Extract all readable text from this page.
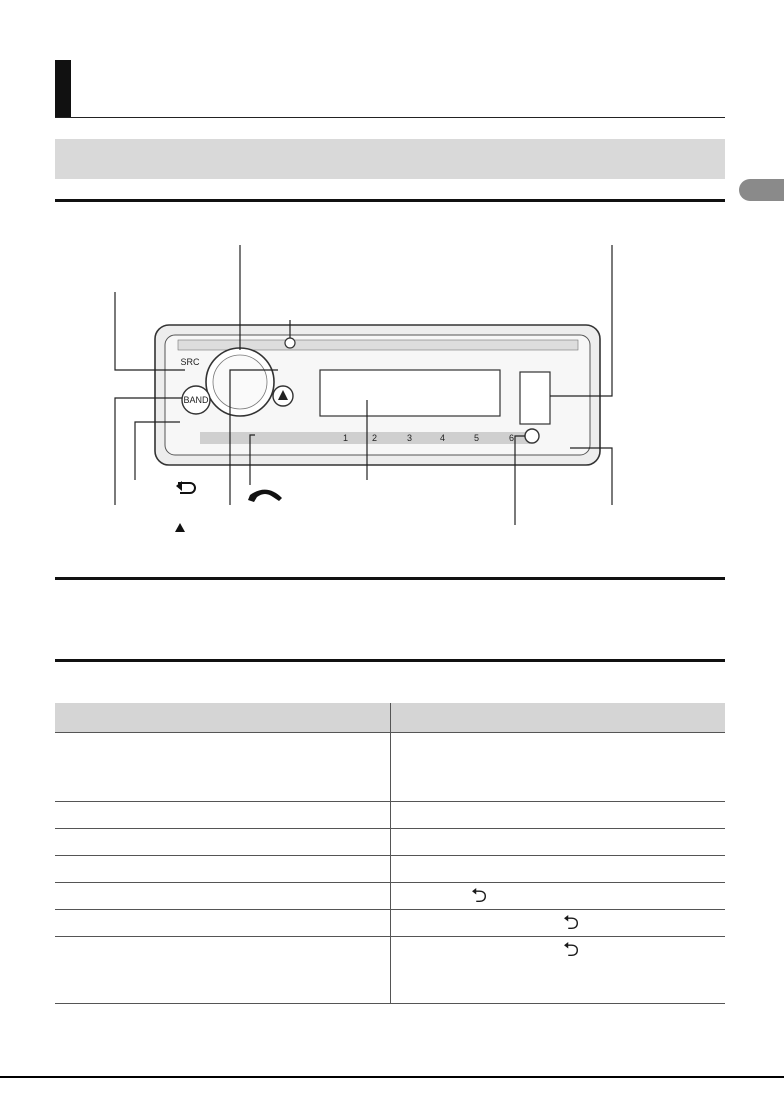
BAND
SRC
1	2	3	4	5	6

	⮌

	⮌

	⮌
